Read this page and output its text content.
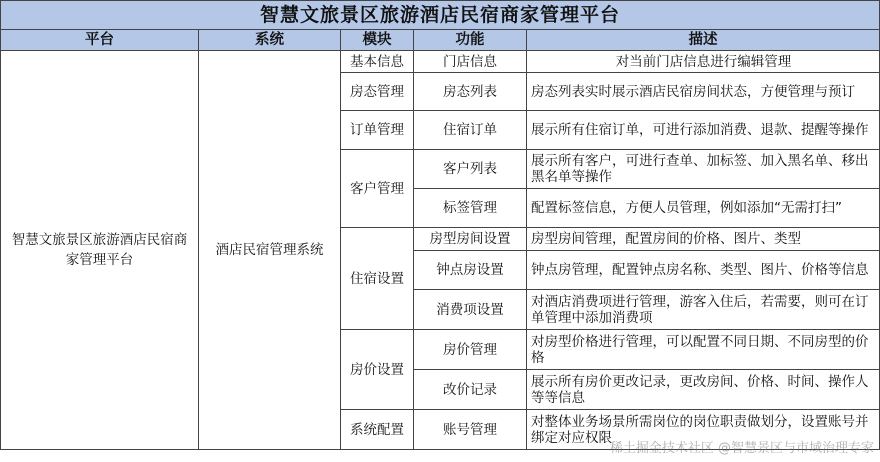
智慧文旅景区旅游酒店民宿商家管理平台				
平台	系统	模块	功能	描述
智慧文旅景区旅游酒店民宿商家管理平台	酒店民宿管理系统	基本信息	门店信息	对当前门店信息进行编辑管理
		房态管理	房态列表	房态列表实时展示酒店民宿房间状态，方便管理与预订
		订单管理	住宿订单	展示所有住宿订单，可进行添加消费、退款、提醒等操作
		客户管理	客户列表	展示所有客户，可进行查单、加标签、加入黑名单、移出黑名单等操作
			标签管理	配置标签信息，方便人员管理，例如添加“无需打扫”
		住宿设置	房型房间设置	房型房间管理，配置房间的价格、图片、类型
			钟点房设置	钟点房管理，配置钟点房名称、类型、图片、价格等信息
			消费项设置	对酒店消费项进行管理，游客入住后，若需要，则可在订单管理中添加消费项
		房价设置	房价管理	对房型价格进行管理，可以配置不同日期、不同房型的价格
			改价记录	展示所有房价更改记录，更改房间、价格、时间、操作人等等信息
		系统配置	账号管理	对整体业务场景所需岗位的岗位职责做划分，设置账号并绑定对应权限
稀土掘金技术社区 @智慧景区与市域治理专家
